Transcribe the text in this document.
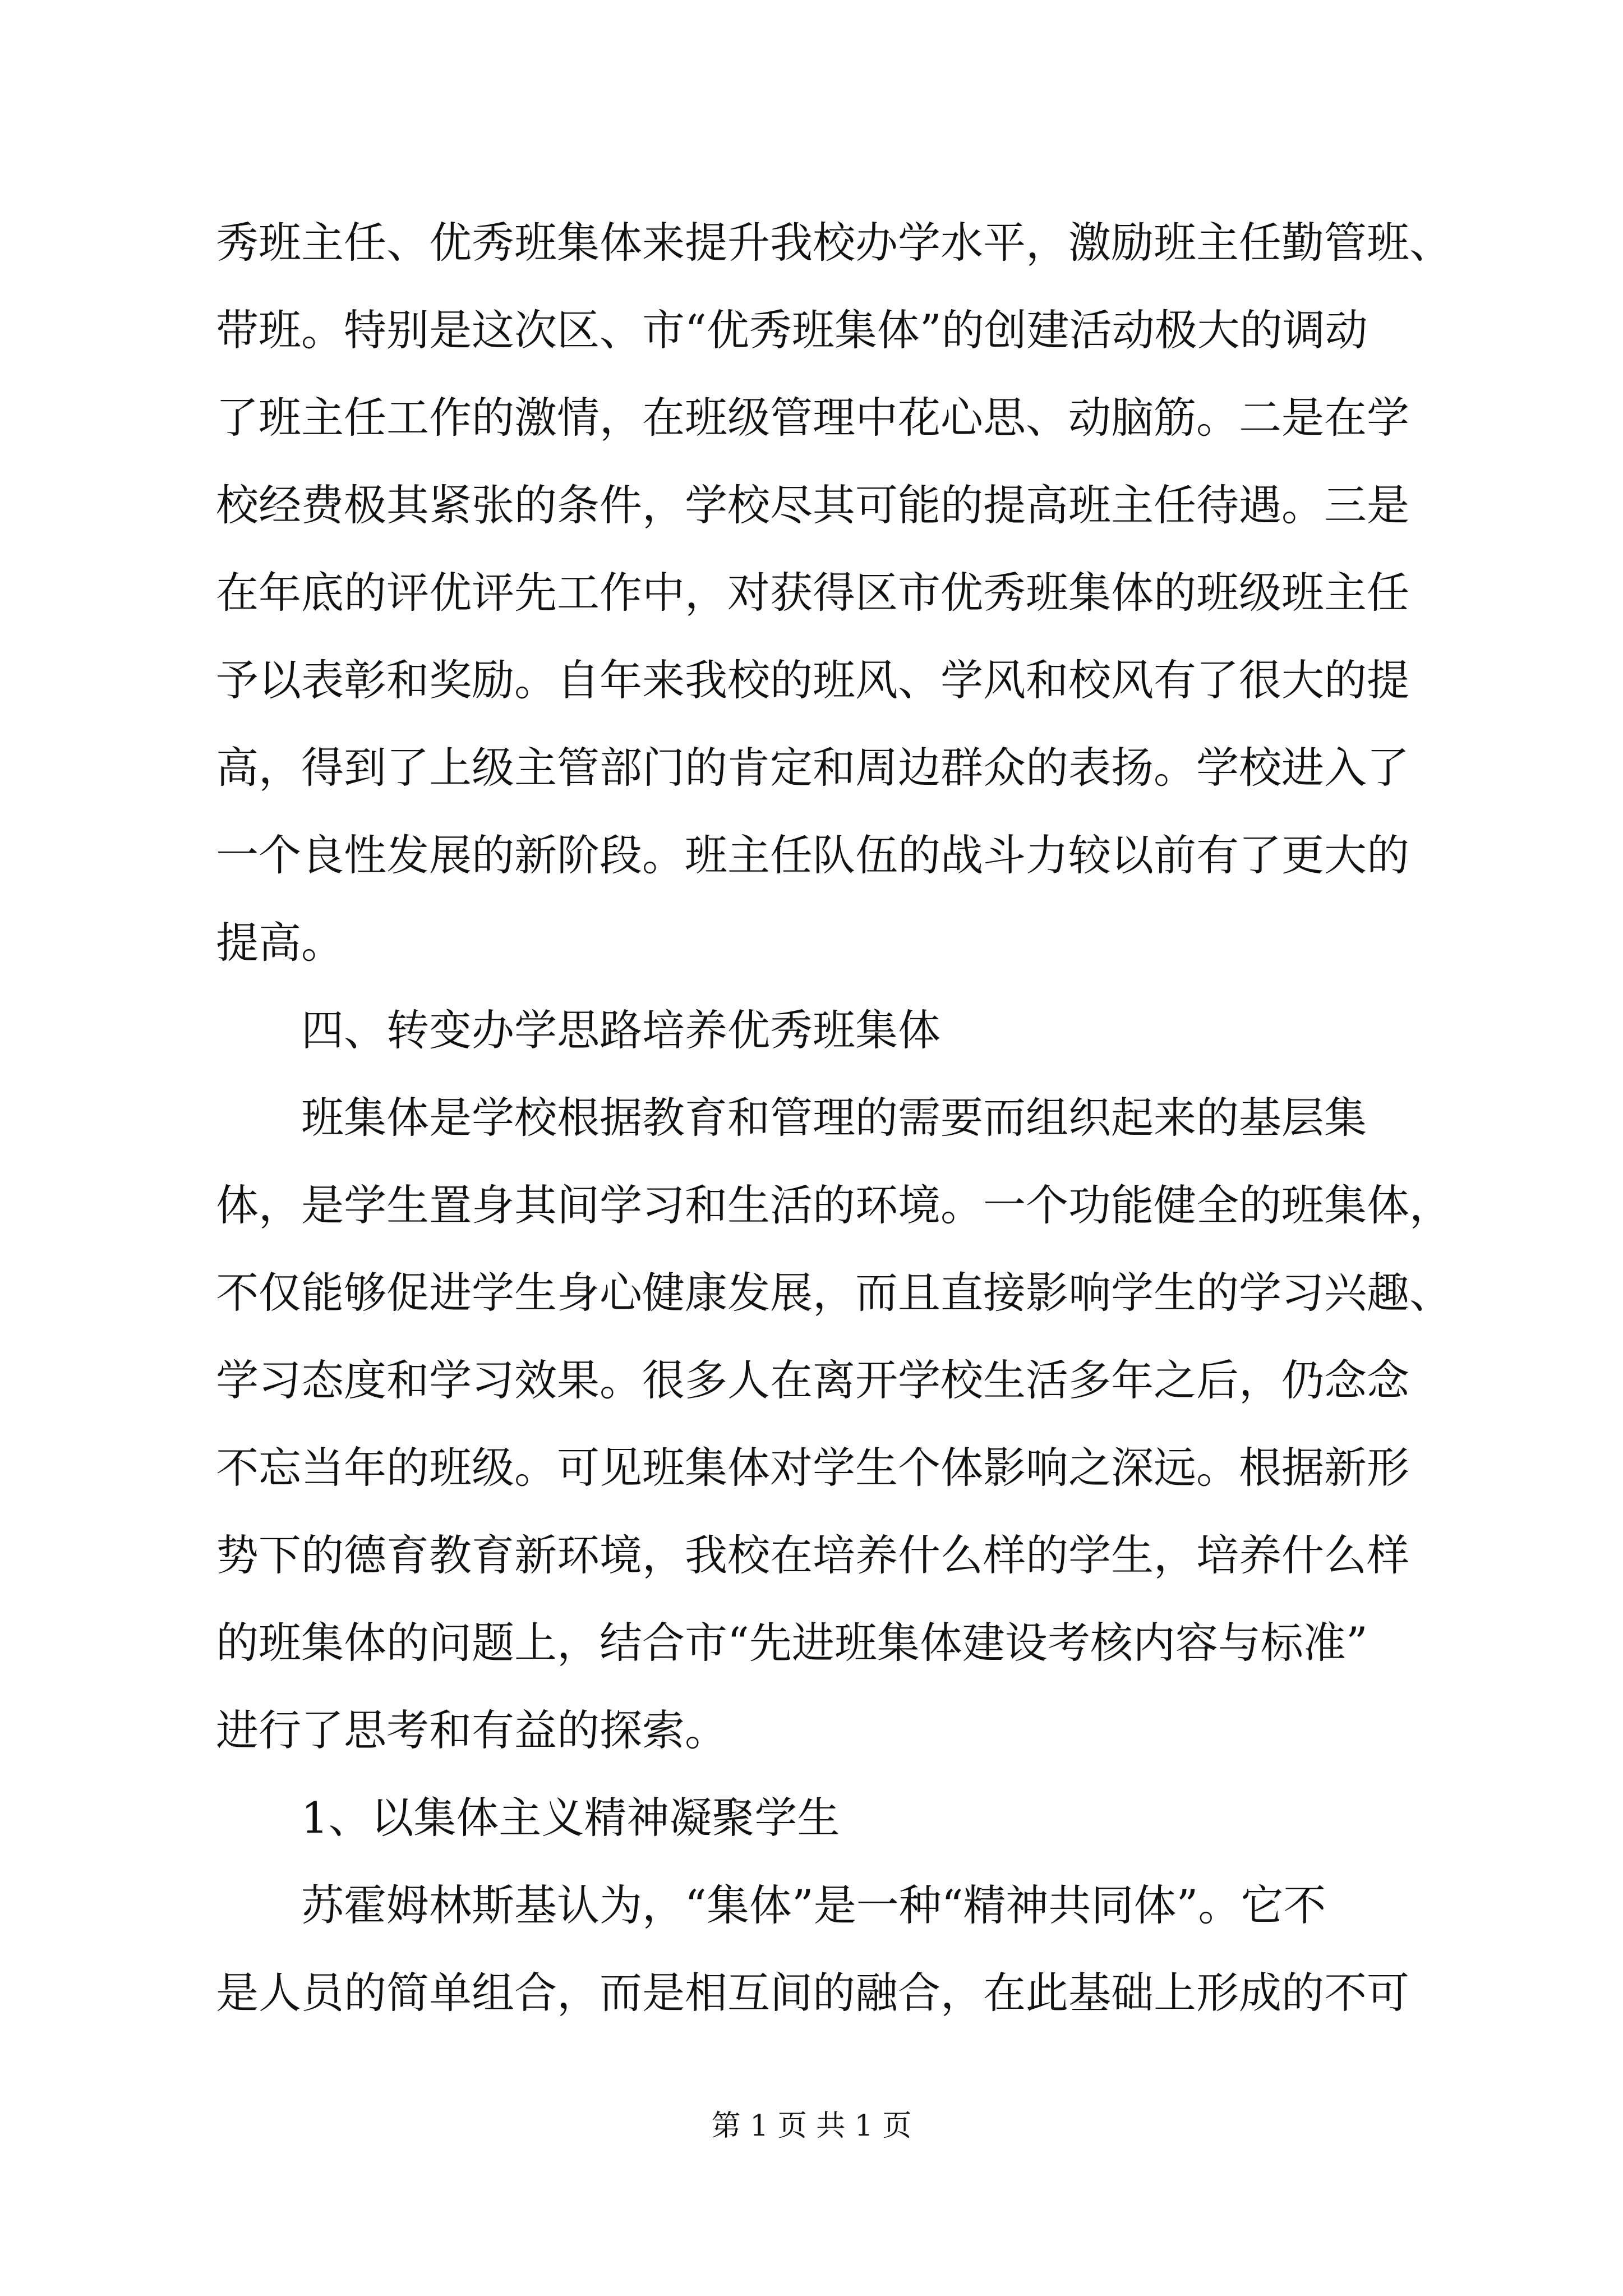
秀班主任、优秀班集体来提升我校办学水平，激励班主任勤管班、
带班。特别是这次区、市“优秀班集体”的创建活动极大的调动
了班主任工作的激情，在班级管理中花心思、动脑筋。二是在学
校经费极其紧张的条件，学校尽其可能的提高班主任待遇。三是
在年底的评优评先工作中，对获得区市优秀班集体的班级班主任
予以表彰和奖励。自年来我校的班风、学风和校风有了很大的提
高，得到了上级主管部门的肯定和周边群众的表扬。学校进入了
一个良性发展的新阶段。班主任队伍的战斗力较以前有了更大的
提高。
　　四、转变办学思路培养优秀班集体
　　班集体是学校根据教育和管理的需要而组织起来的基层集
体，是学生置身其间学习和生活的环境。一个功能健全的班集体，
不仅能够促进学生身心健康发展，而且直接影响学生的学习兴趣、
学习态度和学习效果。很多人在离开学校生活多年之后，仍念念
不忘当年的班级。可见班集体对学生个体影响之深远。根据新形
势下的德育教育新环境，我校在培养什么样的学生，培养什么样
的班集体的问题上，结合市“先进班集体建设考核内容与标准”
进行了思考和有益的探索。
　　1、以集体主义精神凝聚学生
　　苏霍姆林斯基认为，“集体”是一种“精神共同体”。它不
是人员的简单组合，而是相互间的融合，在此基础上形成的不可
第 1 页 共 1 页
